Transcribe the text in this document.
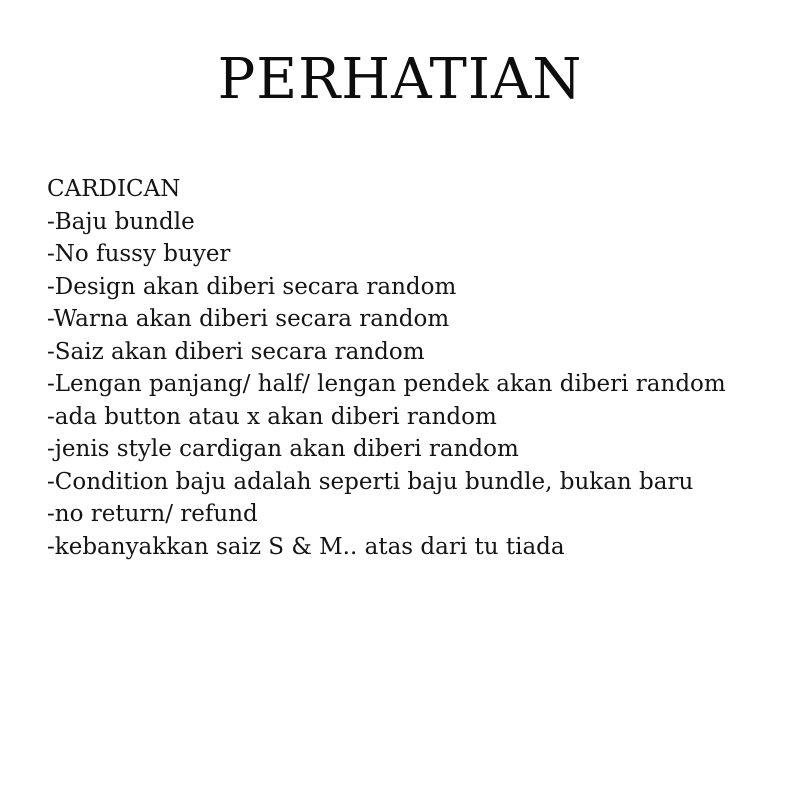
PERHATIAN
CARDICAN
-Baju bundle
-No fussy buyer
-Design akan diberi secara random
-Warna akan diberi secara random
-Saiz akan diberi secara random
-Lengan panjang/ half/ lengan pendek akan diberi random
-ada button atau x akan diberi random
-jenis style cardigan akan diberi random
-Condition baju adalah seperti baju bundle, bukan baru
-no return/ refund
-kebanyakkan saiz S & M.. atas dari tu tiada
